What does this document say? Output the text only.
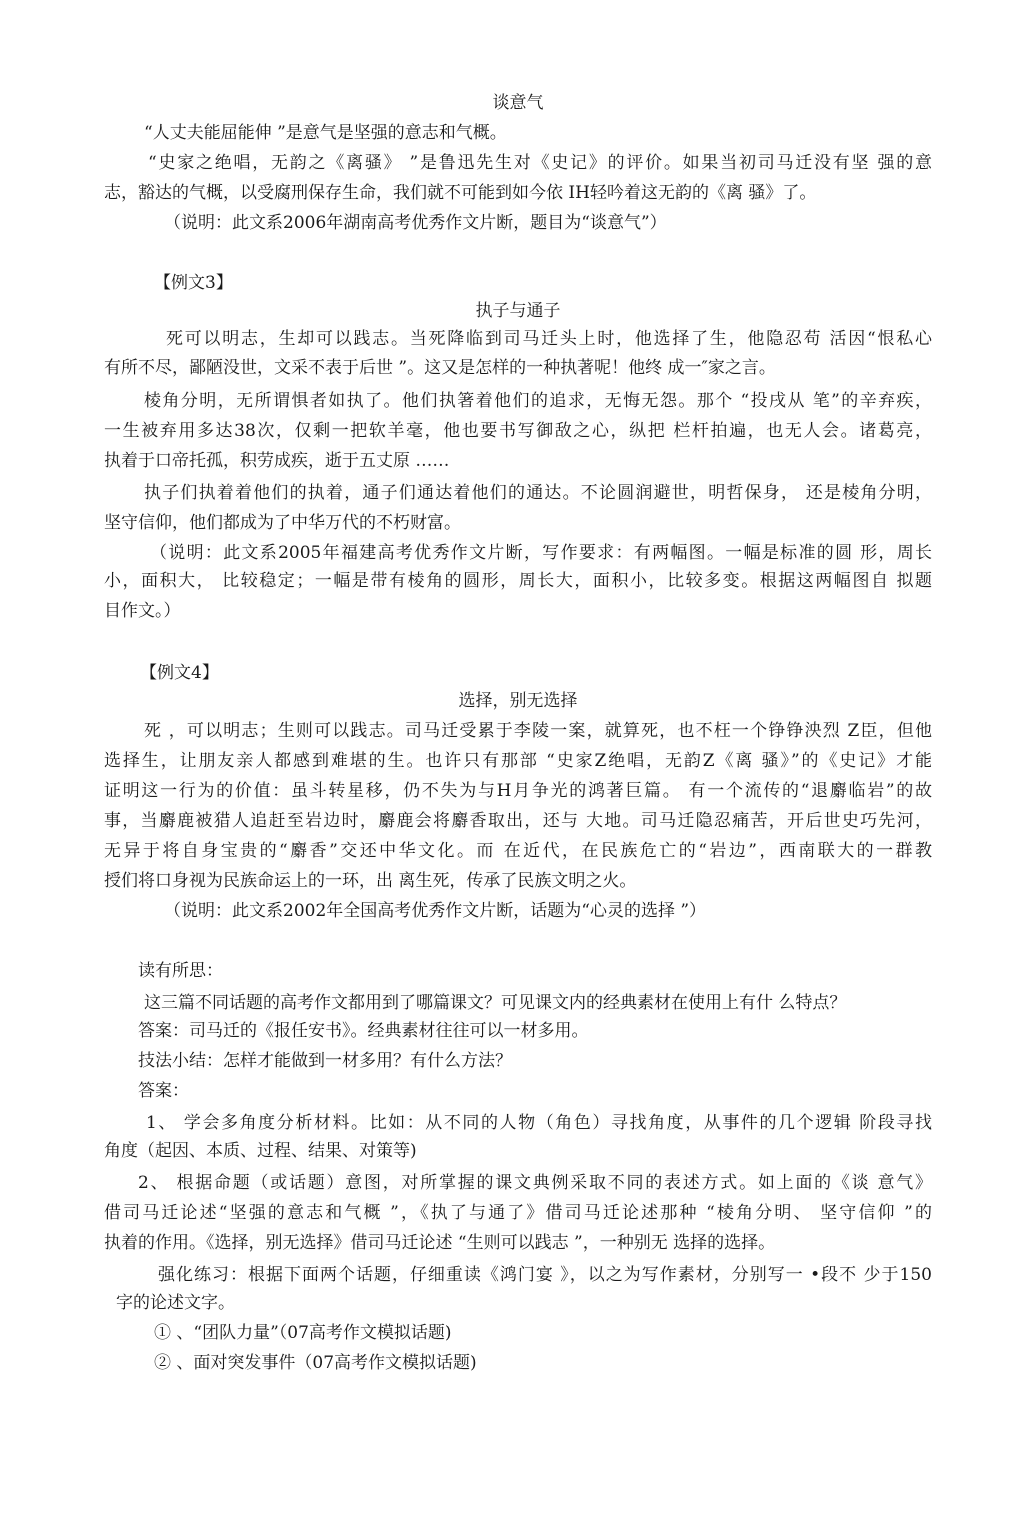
谈意气
“人丈夫能屈能伸 ”是意气是坚强的意志和气概。
“史家之绝唱，无韵之《离骚》 ”是鲁迅先生对《史记》的评价。如果当初司马迁没有坚 强的意
志，豁达的气概，以受腐刑保存生命，我们就不可能到如今依 IH轻吟着这无韵的《离 骚》了。
（说明：此文系2006年湖南高考优秀作文片断，题目为“谈意气”）
【例文3】
执子与通子
死可以明志，生却可以践志。当死降临到司马迁头上时，他选择了生，他隐忍苟 活因“恨私心
有所不尽，鄙陋没世，文采不表于后世 ”。这又是怎样的一种执著呢！他终 成一″家之言。
棱角分明，无所谓惧者如执了。他们执箸着他们的追求，无悔无怨。那个 “投戌从 笔”的辛弃疾，
一生被弃用多达38次，仅剩一把软羊毫，他也要书写御敌之心，纵把 栏杆拍遍，也无人会。诸葛亮，
执着于口帝托孤，积劳成疾，逝于五丈原 ……
执子们执着着他们的执着，通子们通达着他们的通达。不论圆润避世，明哲保身， 还是棱角分明，
坚守信仰，他们都成为了中华万代的不朽财富。
（说明：此文系2005年福建高考优秀作文片断，写作要求：有两幅图。一幅是标准的圆 形，周长
小，面积大， 比较稳定；一幅是带有棱角的圆形，周长大，面积小，比较多变。根据这两幅图自 拟题
目作文。）
【例文4】
选择，别无选择
死 ，可以明志；生则可以践志。司马迁受累于李陵一案，就算死，也不枉一个铮铮泱烈 Z臣，但他
选择生，让朋友亲人都感到难堪的生。也许只有那部 “史家Z绝唱，无韵Z《离 骚》”的《史记》才能
证明这一行为的价值：虽斗转星移，仍不失为与H月争光的鸿著巨篇。 有一个流传的“退麝临岩”的故
事，当麝鹿被猎人追赶至岩边时，麝鹿会将麝香取出，还与 大地。司马迁隐忍痛苦，开后世史巧先河，
无异于将自身宝贵的“麝香”交还中华文化。而 在近代，在民族危亡的“岩边”，西南联大的一群教
授们将口身视为民族命运上的一环，出 离生死，传承了民族文明之火。
（说明：此文系2002年全国高考优秀作文片断，话题为“心灵的选择 ”）
读有所思：
这三篇不同话题的高考作文都用到了哪篇课文？可见课文内的经典素材在使用上有什 么特点？
答案：司马迁的《报任安书》。经典素材往往可以一材多用。
技法小结：怎样才能做到一材多用？有什么方法？
答案：
1、 学会多角度分析材料。比如：从不同的人物（角色）寻找角度，从事件的几个逻辑 阶段寻找
角度（起因、本质、过程、结果、对策等)
2、 根据命题（或话题）意图，对所掌握的课文典例采取不同的表述方式。如上面的《谈 意气》
借司马迁论述“坚强的意志和气概 ”，《执了与通了》借司马迁论述那种 “棱角分明、 坚守信仰 ”的
执着的作用。《选择，别无选择》借司马迁论述 “生则可以践志 ”，一种别无 选择的选择。
强化练习：根据下面两个话题，仔细重读《鸿门宴 》，以之为写作素材，分别写一 •段不 少于150
字的论述文字。
① 、“团队力量”（07高考作文模拟话题)
② 、面对突发事件（07高考作文模拟话题)
